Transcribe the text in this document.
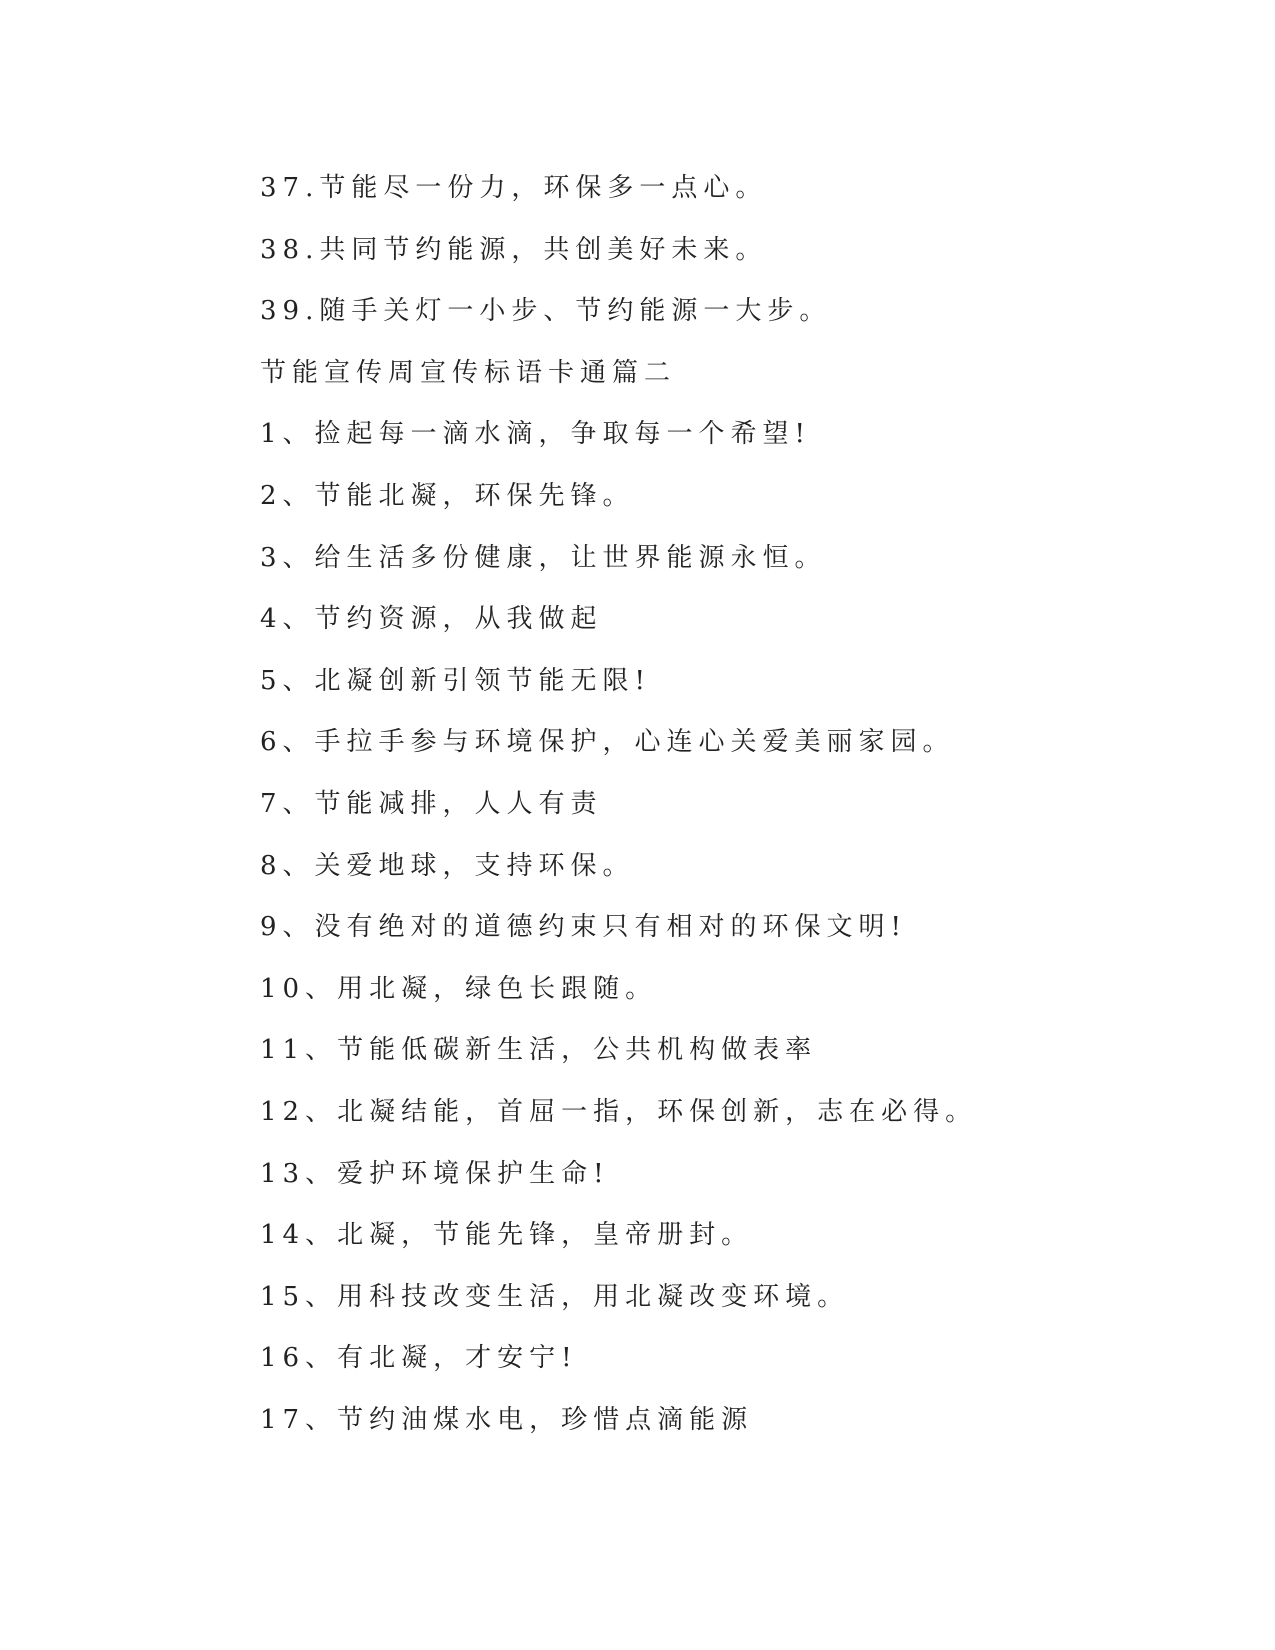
37.节能尽一份力，环保多一点心。
38.共同节约能源，共创美好未来。
39.随手关灯一小步、节约能源一大步。
节能宣传周宣传标语卡通篇二
1、捡起每一滴水滴，争取每一个希望!
2、节能北凝，环保先锋。
3、给生活多份健康，让世界能源永恒。
4、节约资源，从我做起
5、北凝创新引领节能无限!
6、手拉手参与环境保护，心连心关爱美丽家园。
7、节能减排，人人有责
8、关爱地球，支持环保。
9、没有绝对的道德约束只有相对的环保文明!
10、用北凝，绿色长跟随。
11、节能低碳新生活，公共机构做表率
12、北凝结能，首屈一指，环保创新，志在必得。
13、爱护环境保护生命!
14、北凝，节能先锋，皇帝册封。
15、用科技改变生活，用北凝改变环境。
16、有北凝，才安宁!
17、节约油煤水电，珍惜点滴能源
